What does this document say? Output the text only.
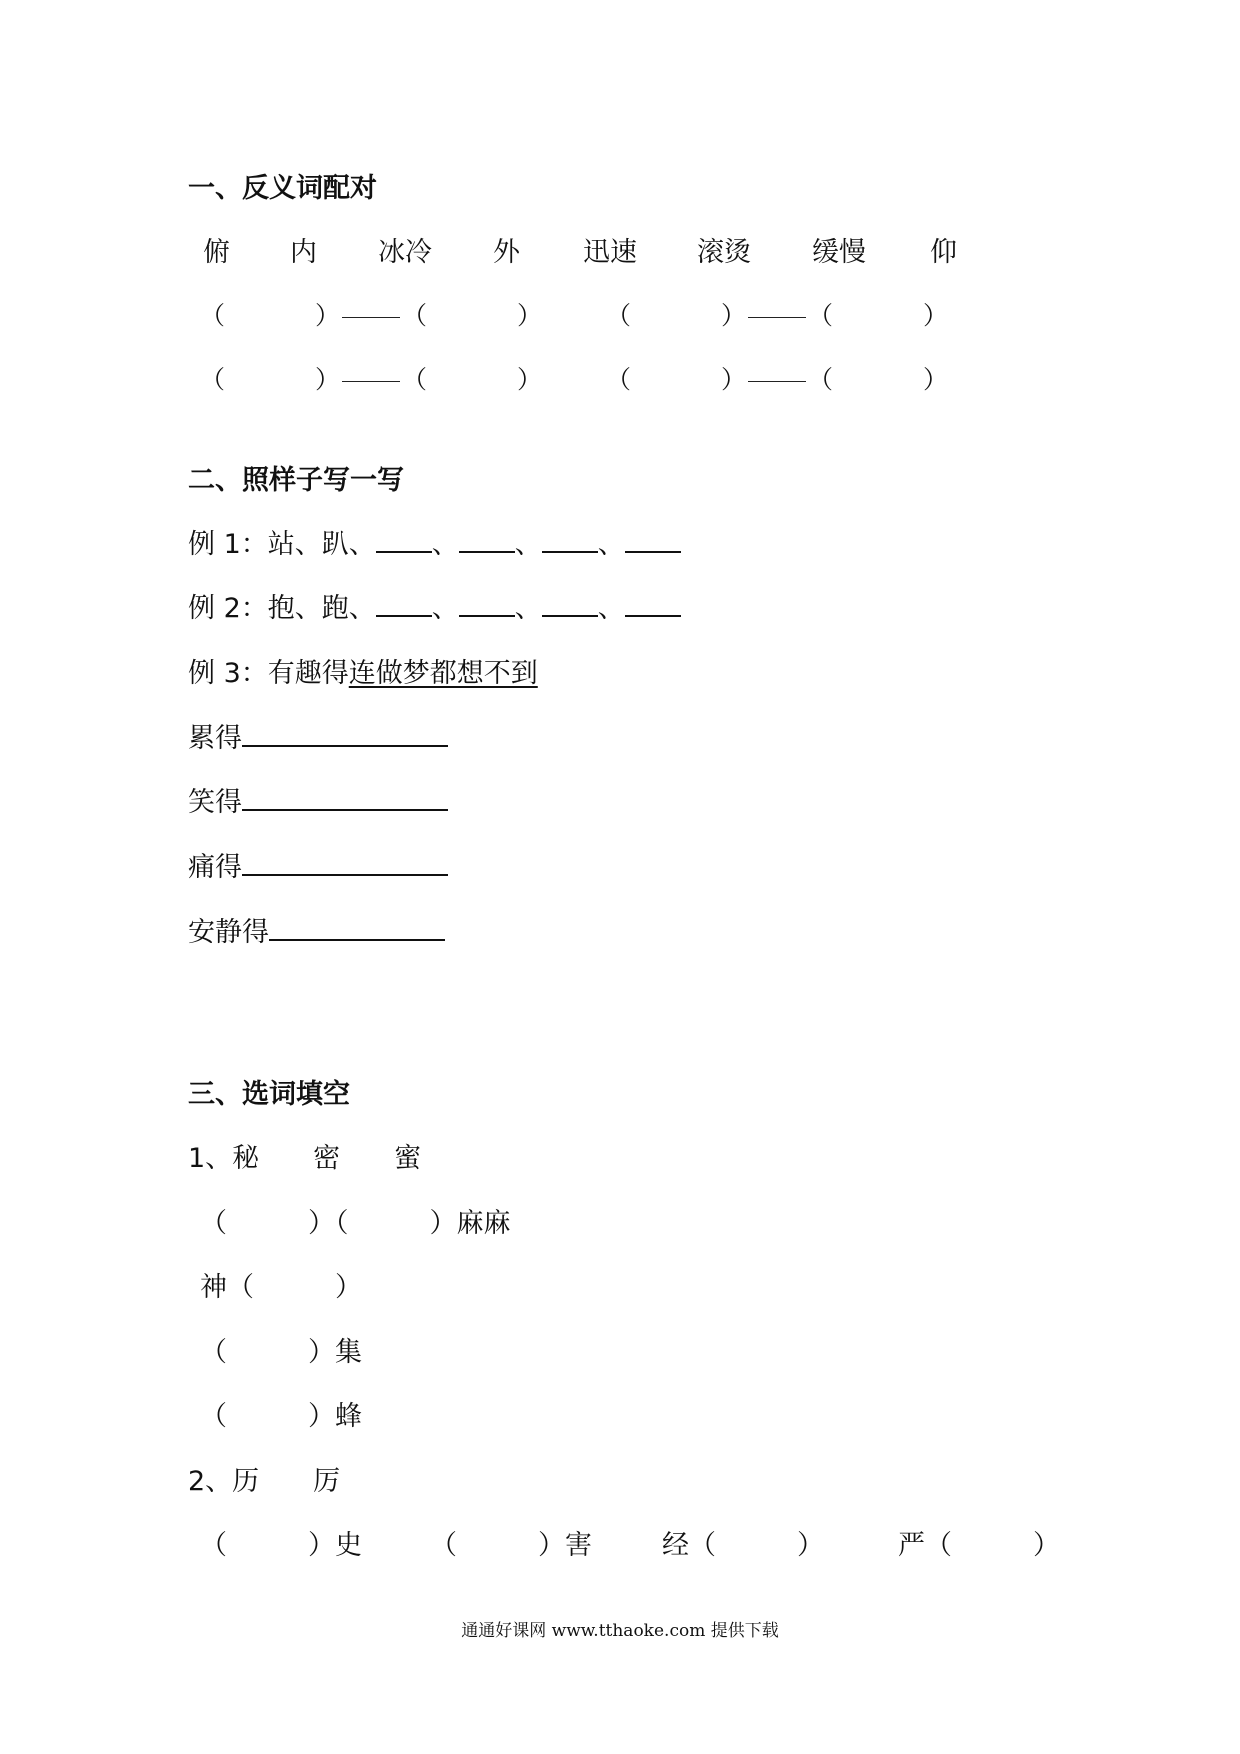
一、反义词配对
俯 内 冰冷 外 迅速 滚烫 缓慢 仰
（	） （	）	（	） （	）
（	） （	）	（	） （	）
二、照样子写一写
例 1：站、趴、 、 、 、
例 2：抱、跑、 、 、 、
例 3：有趣得连做梦都想不到
累得
笑得
痛得
安静得
三、选词填空
1、秘　　密　　蜜
（　　　）（　　　）麻麻
神（　　　）
（　　　）集
（　　　）蜂
2、历　　厉
（　　　）史	（　　　）害	经（　　　）	严（　　　）
通通好课网 www.tthaoke.com 提供下载
